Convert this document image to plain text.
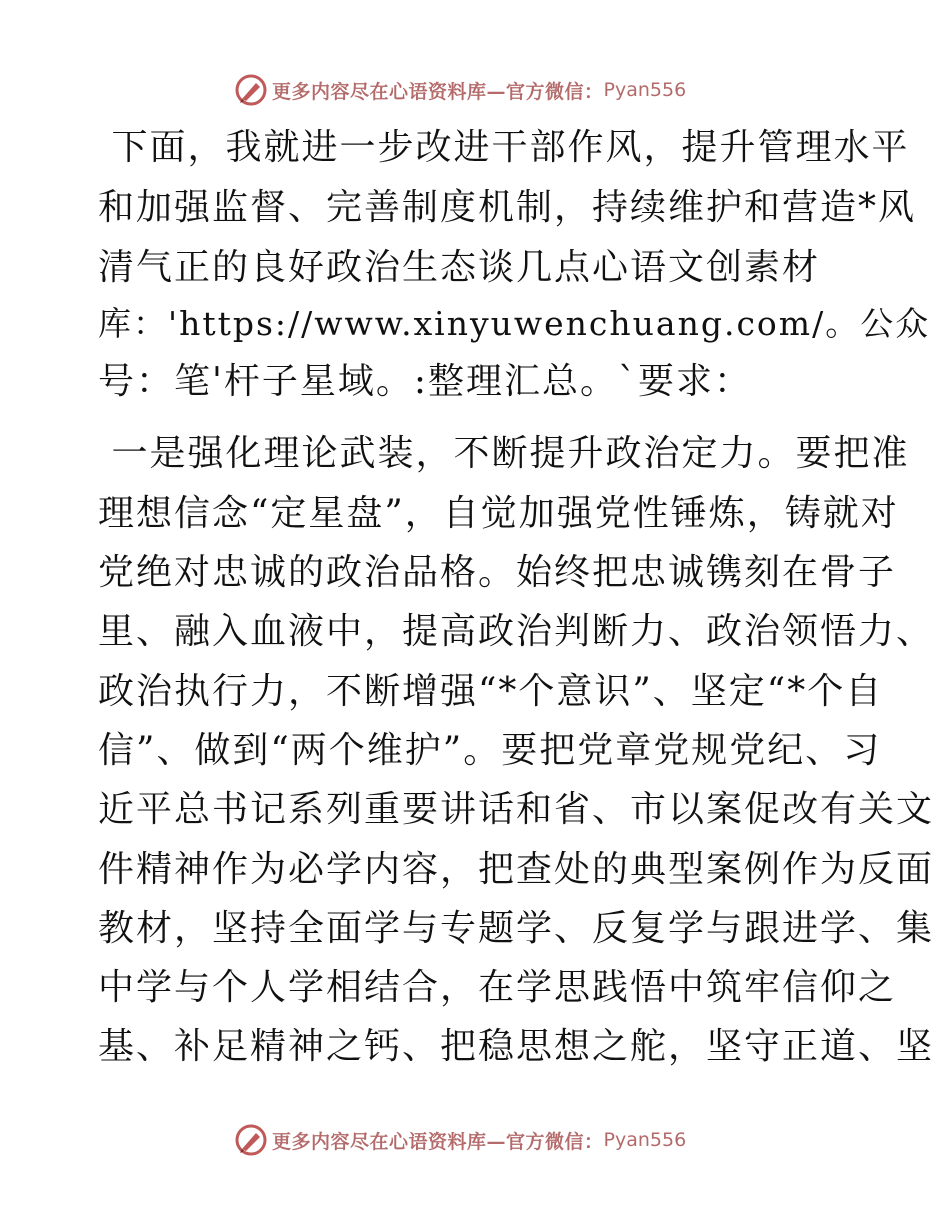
更多内容尽在心语资料库—官方微信： Pyan556
下面，我就进一步改进干部作风，提升管理水平
和加强监督、完善制度机制，持续维护和营造*风
清气正的良好政治生态谈几点心语文创素材
库：'https://www.xinyuwenchuang.com/。公众
号：笔'杆子星域。:整理汇总。`要求：
一是强化理论武装，不断提升政治定力。要把准
理想信念“定星盘”，自觉加强党性锤炼，铸就对
党绝对忠诚的政治品格。始终把忠诚镌刻在骨子
里、融入血液中，提高政治判断力、政治领悟力、
政治执行力，不断增强“*个意识”、坚定“*个自
信”、做到“两个维护”。要把党章党规党纪、习
近平总书记系列重要讲话和省、市以案促改有关文
件精神作为必学内容，把查处的典型案例作为反面
教材，坚持全面学与专题学、反复学与跟进学、集
中学与个人学相结合，在学思践悟中筑牢信仰之
基、补足精神之钙、把稳思想之舵，坚守正道、坚
更多内容尽在心语资料库—官方微信： Pyan556
